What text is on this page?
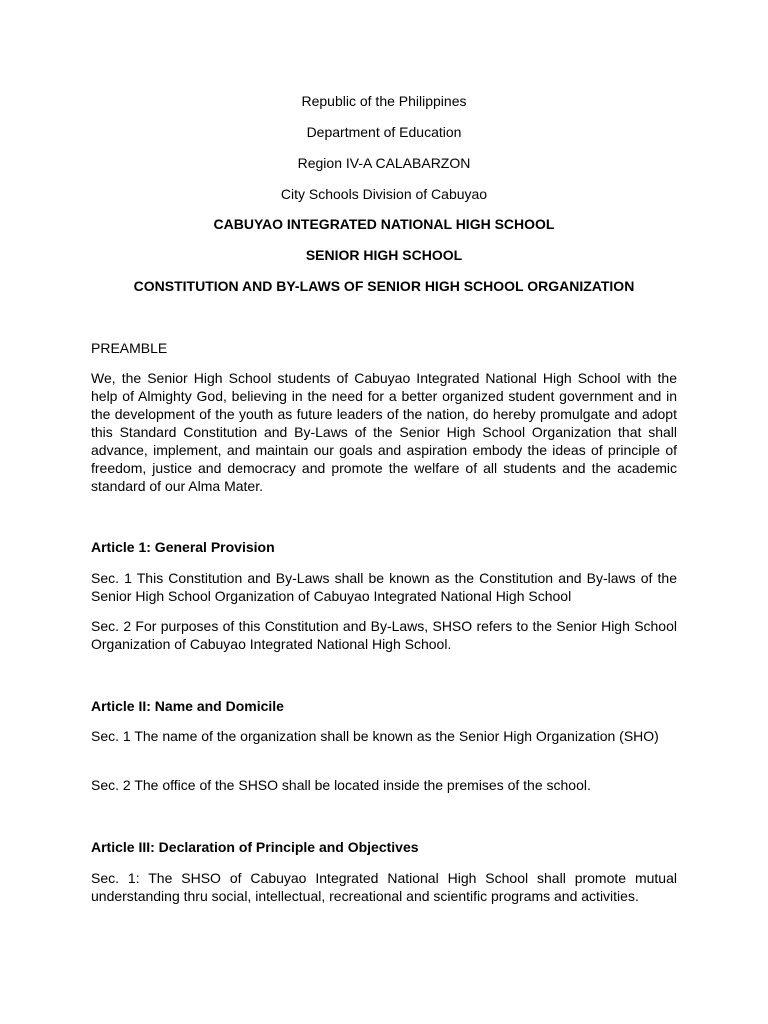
Republic of the Philippines
Department of Education
Region IV-A CALABARZON
City Schools Division of Cabuyao
CABUYAO INTEGRATED NATIONAL HIGH SCHOOL
SENIOR HIGH SCHOOL
CONSTITUTION AND BY-LAWS OF SENIOR HIGH SCHOOL ORGANIZATION
PREAMBLE
We, the Senior High School students of Cabuyao Integrated National High School with the help of Almighty God, believing in the need for a better organized student government and in the development of the youth as future leaders of the nation, do hereby promulgate and adopt this Standard Constitution and By-Laws of the Senior High School Organization that shall advance, implement, and maintain our goals and aspiration embody the ideas of principle of freedom, justice and democracy and promote the welfare of all students and the academic standard of our Alma Mater.
Article 1: General Provision
Sec. 1 This Constitution and By-Laws shall be known as the Constitution and By-laws of the Senior High School Organization of Cabuyao Integrated National High School
Sec. 2 For purposes of this Constitution and By-Laws, SHSO refers to the Senior High School Organization of Cabuyao Integrated National High School.
Article II: Name and Domicile
Sec. 1 The name of the organization shall be known as the Senior High Organization (SHO)
Sec. 2 The office of the SHSO shall be located inside the premises of the school.
Article III: Declaration of Principle and Objectives
Sec. 1: The SHSO of Cabuyao Integrated National High School shall promote mutual understanding thru social, intellectual, recreational and scientific programs and activities.
